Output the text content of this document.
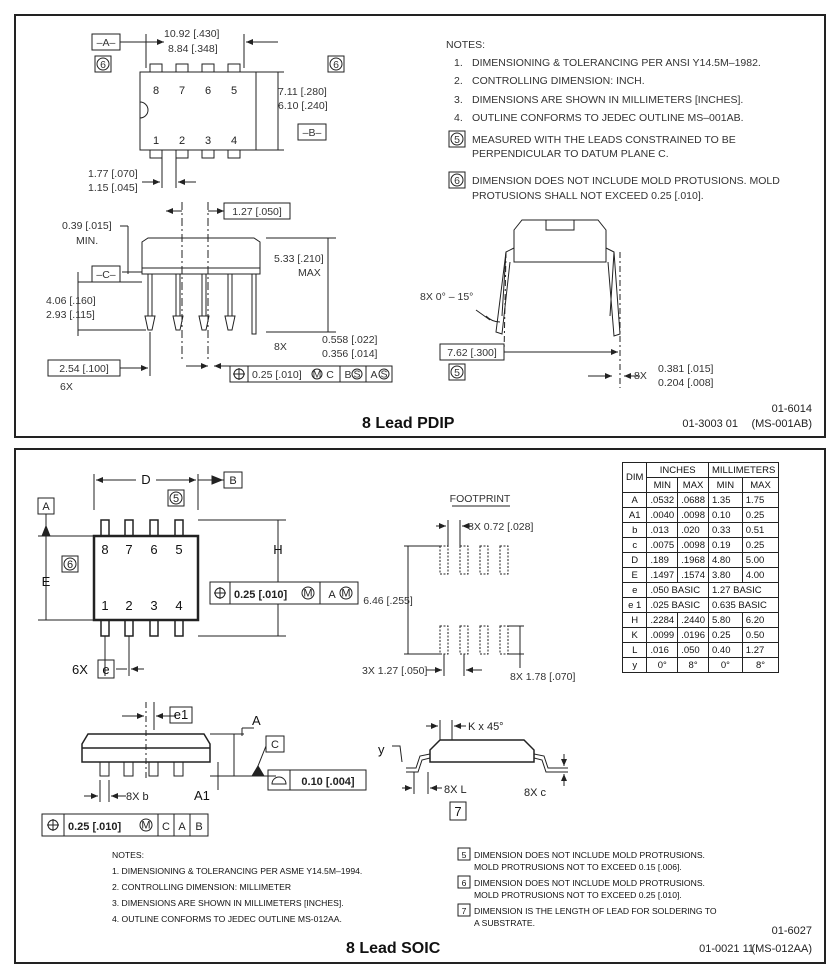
–A–
10.92 [.430]
8.84 [.348]
6	6
8 7 6 5
1 2 3 4
7.11 [.280]
6.10 [.240]
–B–
1.77 [.070]
1.15 [.045]
1.27 [.050]
0.39 [.015]
MIN.
–C–
4.06 [.160]
2.93 [.115]
5.33 [.210]
MAX
8X
0.558 [.022]
0.356 [.014]
2.54 [.100]
6X
0.25 [.010] M C B S A S
NOTES:
1. DIMENSIONING & TOLERANCING PER ANSI Y14.5M–1982.
2. CONTROLLING DIMENSION: INCH.
3. DIMENSIONS ARE SHOWN IN MILLIMETERS [INCHES].
4. OUTLINE CONFORMS TO JEDEC OUTLINE MS–001AB.
5 MEASURED WITH THE LEADS CONSTRAINED TO BE
PERPENDICULAR TO DATUM PLANE C.
6 DIMENSION DOES NOT INCLUDE MOLD PROTUSIONS. MOLD
PROTUSIONS SHALL NOT EXCEED 0.25 [.010].
8X 0° – 15°
7.62 [.300]
5	8X
0.381 [.015]
0.204 [.008]
8 Lead PDIP
01-6014
01-3003 01 (MS-001AB)
D	B
5
A
E
6
8 7 6 5
1 2 3 4
H
0.25 [.010] M A M
6X e
e1	A
A1
C
0.10 [.004]
8X b
0.25 [.010] M C A B
FOOTPRINT
8X 0.72 [.028]
6.46 [.255]
3X 1.27 [.050]	8X 1.78 [.070]
K x 45°
y
8X L
7
8X c
NOTES:
1. DIMENSIONING & TOLERANCING PER ASME Y14.5M–1994.
2. CONTROLLING DIMENSION: MILLIMETER
3. DIMENSIONS ARE SHOWN IN MILLIMETERS [INCHES].
4. OUTLINE CONFORMS TO JEDEC OUTLINE MS-012AA.
5 DIMENSION DOES NOT INCLUDE MOLD PROTRUSIONS.
MOLD PROTRUSIONS NOT TO EXCEED 0.15 [.006].
6 DIMENSION DOES NOT INCLUDE MOLD PROTRUSIONS.
MOLD PROTRUSIONS NOT TO EXCEED 0.25 [.010].
7 DIMENSION IS THE LENGTH OF LEAD FOR SOLDERING TO
A SUBSTRATE.
8 Lead SOIC
01-6027
01-0021 11
(MS-012AA)
DIM	INCHES		MILLIMETERS	
	MIN	MAX	MIN	MAX
A	.0532	.0688	1.35	1.75
A1	.0040	.0098	0.10	0.25
b	.013	.020	0.33	0.51
c	.0075	.0098	0.19	0.25
D	.189	.1968	4.80	5.00
E	.1497	.1574	3.80	4.00
e	.050 BASIC		1.27 BASIC	
e 1	.025 BASIC		0.635 BASIC	
H	.2284	.2440	5.80	6.20
K	.0099	.0196	0.25	0.50
L	.016	.050	0.40	1.27
y	0°	8°	0°	8°
